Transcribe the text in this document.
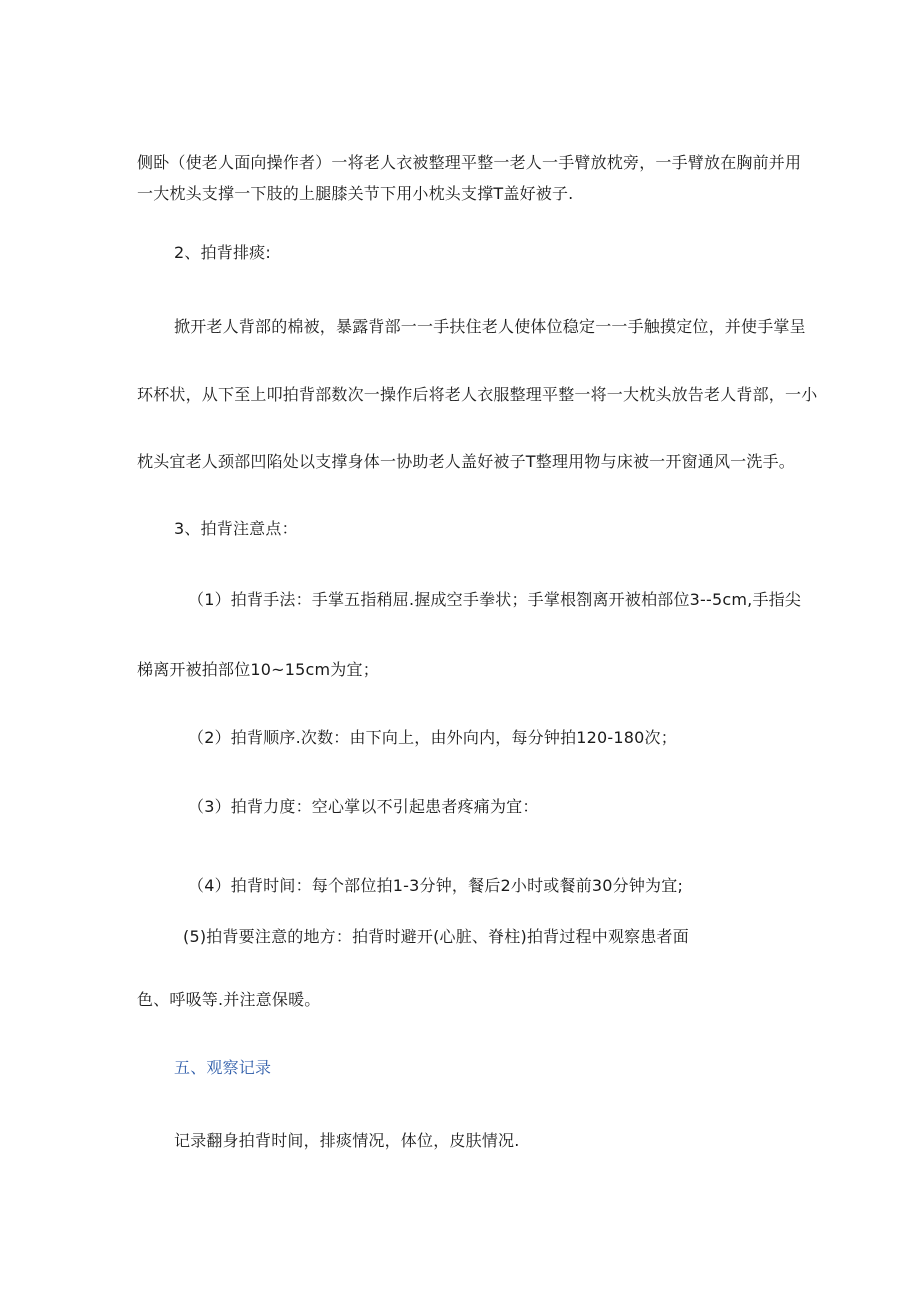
侧卧（使老人面向操作者）一将老人衣被整理平整一老人一手臂放枕旁，一手臂放在胸前并用
一大枕头支撑一下肢的上腿膝关节下用小枕头支撑T盖好被子.
2、拍背排痰:
掀开老人背部的棉被，暴露背部一一手扶住老人使体位稳定一一手触摸定位，并使手掌呈
环杯状，从下至上叩拍背部数次一操作后将老人衣服整理平整一将一大枕头放告老人背部，一小
枕头宜老人颈部凹陷处以支撑身体一协助老人盖好被子T整理用物与床被一开窗通风一洗手。
3、拍背注意点：
（1）拍背手法：手掌五指稍屈.握成空手拳状；手掌根劄离开被柏部位3--5cm,手指尖
梯离开被拍部位10~15cm为宜；
（2）拍背顺序.次数：由下向上，由外向内，每分钟拍120-180次；
（3）拍背力度：空心掌以不引起患者疼痛为宜：
（4）拍背时间：每个部位拍1-3分钟，餐后2小时或餐前30分钟为宜;
(5)拍背要注意的地方：拍背时避开(心脏、脊柱)拍背过程中观察患者面
色、呼吸等.并注意保暖。
五、观察记录
记录翻身拍背时间，排痰情况，体位，皮肤情况.
